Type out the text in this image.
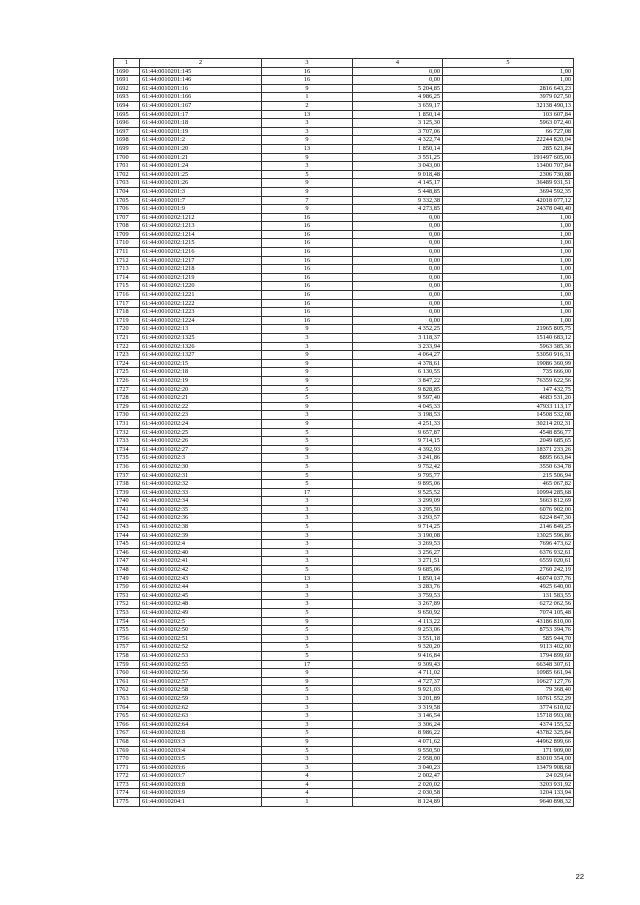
1	2	3	4	5
1690	61:44:0010201:145	16	0,00	1,00
1691	61:44:0010201:146	16	0,00	1,00
1692	61:44:0010201:16	9	5 204,85	2816 643,23
1693	61:44:0010201:166	1	4 986,25	3979 027,50
1694	61:44:0010201:167	2	3 659,17	32138 490,13
1695	61:44:0010201:17	13	1 850,14	103 607,84
1696	61:44:0010201:18	3	3 125,30	5963 072,40
1697	61:44:0010201:19	3	3 707,06	66 727,08
1698	61:44:0010201:2	9	4 322,74	22244 820,04
1699	61:44:0010201:20	13	1 850,14	285 621,84
1700	61:44:0010201:21	9	3 551,25	191497 605,00
1701	61:44:0010201:24	3	3 043,00	13400 707,84
1702	61:44:0010201:25	5	9 018,48	2306 730,88
1703	61:44:0010201:26	9	4 145,17	36489 931,51
1704	61:44:0010201:3	9	5 448,85	3694 592,35
1705	61:44:0010201:7	7	9 332,38	42018 077,12
1706	61:44:0010201:9	9	4 273,85	24378 040,40
1707	61:44:0010202:1212	16	0,00	1,00
1708	61:44:0010202:1213	16	0,00	1,00
1709	61:44:0010202:1214	16	0,00	1,00
1710	61:44:0010202:1215	16	0,00	1,00
1711	61:44:0010202:1216	16	0,00	1,00
1712	61:44:0010202:1217	16	0,00	1,00
1713	61:44:0010202:1218	16	0,00	1,00
1714	61:44:0010202:1219	16	0,00	1,00
1715	61:44:0010202:1220	16	0,00	1,00
1716	61:44:0010202:1221	16	0,00	1,00
1717	61:44:0010202:1222	16	0,00	1,00
1718	61:44:0010202:1223	16	0,00	1,00
1719	61:44:0010202:1224	16	0,00	1,00
1720	61:44:0010202:13	9	4 352,25	21965 805,75
1721	61:44:0010202:1325	3	3 118,37	15140 683,12
1722	61:44:0010202:1326	3	3 233,94	5963 385,36
1723	61:44:0010202:1327	9	4 064,27	53050 916,31
1724	61:44:0010202:15	9	4 378,61	19086 360,99
1725	61:44:0010202:18	9	6 130,55	735 666,00
1726	61:44:0010202:19	9	3 847,22	76359 622,56
1727	61:44:0010202:20	5	9 828,85	147 432,75
1728	61:44:0010202:21	5	9 597,40	4683 531,20
1729	61:44:0010202:22	9	4 045,33	47933 113,17
1730	61:44:0010202:23	3	3 198,53	14508 532,08
1731	61:44:0010202:24	9	4 251,33	30214 202,31
1732	61:44:0010202:25	5	9 657,87	4548 856,77
1733	61:44:0010202:26	5	9 714,15	2049 685,65
1734	61:44:0010202:27	9	4 392,93	18371 233,26
1735	61:44:0010202:3	3	3 241,86	8895 663,84
1736	61:44:0010202:30	5	9 752,42	3550 634,78
1737	61:44:0010202:31	5	9 795,77	215 506,94
1738	61:44:0010202:32	5	9 895,06	465 067,82
1739	61:44:0010202:33	17	9 525,52	10994 285,68
1740	61:44:0010202:34	3	3 299,09	5663 812,69
1741	61:44:0010202:35	3	3 295,50	6076 902,00
1742	61:44:0010202:36	3	3 293,57	6224 847,30
1743	61:44:0010202:38	5	9 714,25	2146 849,25
1744	61:44:0010202:39	3	3 190,08	13025 596,86
1745	61:44:0010202:4	3	3 269,53	7696 473,62
1746	61:44:0010202:40	3	3 256,27	6376 932,61
1747	61:44:0010202:41	3	3 271,51	6559 020,61
1748	61:44:0010202:42	5	9 685,06	2760 242,19
1749	61:44:0010202:43	13	1 850,14	46074 037,76
1750	61:44:0010202:44	3	3 283,76	4925 640,00
1751	61:44:0010202:45	3	3 759,53	131 583,55
1752	61:44:0010202:48	3	3 267,89	6272 062,56
1753	61:44:0010202:49	5	9 650,92	7074 105,48
1754	61:44:0010202:5	9	4 113,22	43186 810,00
1755	61:44:0010202:50	5	9 253,06	8753 394,76
1756	61:44:0010202:51	3	3 551,18	585 944,70
1757	61:44:0010202:52	5	9 320,20	9113 402,00
1758	61:44:0010202:53	5	9 416,84	1794 899,60
1759	61:44:0010202:55	17	9 309,43	66348 307,61
1760	61:44:0010202:56	9	4 711,02	10985 661,94
1761	61:44:0010202:57	9	4 727,37	10627 127,76
1762	61:44:0010202:58	5	9 921,03	79 368,40
1763	61:44:0010202:59	3	3 201,89	10761 552,29
1764	61:44:0010202:62	3	3 319,58	3774 610,02
1765	61:44:0010202:63	3	3 146,54	15718 993,08
1766	61:44:0010202:64	3	3 306,24	4374 155,52
1767	61:44:0010202:8	5	8 986,22	43782 325,84
1768	61:44:0010203:3	9	4 071,62	44962 899,66
1769	61:44:0010203:4	5	9 550,50	171 909,00
1770	61:44:0010203:5	3	2 958,00	83010 354,00
1771	61:44:0010203:6	3	3 040,23	13479 908,68
1772	61:44:0010203:7	4	2 002,47	24 029,64
1773	61:44:0010203:8	4	2 020,02	3203 931,92
1774	61:44:0010203:9	4	2 030,58	1204 133,94
1775	61:44:0010204:1	1	8 124,89	9640 898,32
22
